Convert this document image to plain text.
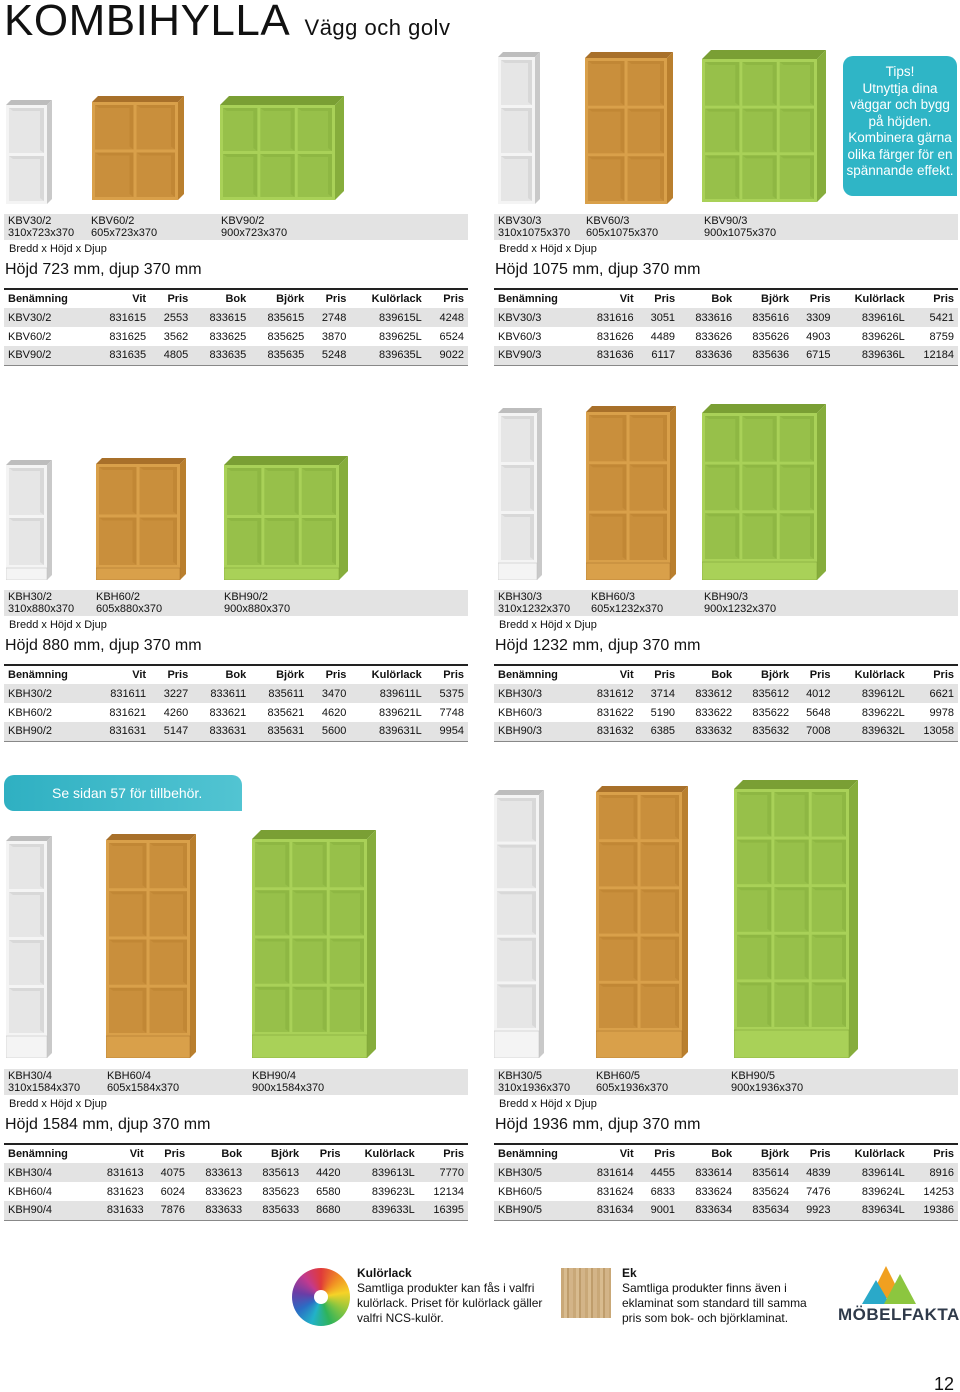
KOMBIHYLLA Vägg och golv
Tips!
Utnyttja dina
väggar och bygg
på höjden.
Kombinera gärna
olika färger för en
spännande effekt.
Se sidan 57 för tillbehör.
KBV30/2
310x723x370
KBV60/2
605x723x370
KBV90/2
900x723x370
Bredd x Höjd x Djup
Höjd 723 mm, djup 370 mm
Benämning	Vit	Pris	Bok	Björk	Pris	Kulörlack	Pris
KBV30/2	831615	2553	833615	835615	2748	839615L	4248
KBV60/2	831625	3562	833625	835625	3870	839625L	6524
KBV90/2	831635	4805	833635	835635	5248	839635L	9022
KBV30/3
310x1075x370
KBV60/3
605x1075x370
KBV90/3
900x1075x370
Bredd x Höjd x Djup
Höjd 1075 mm, djup 370 mm
Benämning	Vit	Pris	Bok	Björk	Pris	Kulörlack	Pris
KBV30/3	831616	3051	833616	835616	3309	839616L	5421
KBV60/3	831626	4489	833626	835626	4903	839626L	8759
KBV90/3	831636	6117	833636	835636	6715	839636L	12184
KBH30/2
310x880x370
KBH60/2
605x880x370
KBH90/2
900x880x370
Bredd x Höjd x Djup
Höjd 880 mm, djup 370 mm
Benämning	Vit	Pris	Bok	Björk	Pris	Kulörlack	Pris
KBH30/2	831611	3227	833611	835611	3470	839611L	5375
KBH60/2	831621	4260	833621	835621	4620	839621L	7748
KBH90/2	831631	5147	833631	835631	5600	839631L	9954
KBH30/3
310x1232x370
KBH60/3
605x1232x370
KBH90/3
900x1232x370
Bredd x Höjd x Djup
Höjd 1232 mm, djup 370 mm
Benämning	Vit	Pris	Bok	Björk	Pris	Kulörlack	Pris
KBH30/3	831612	3714	833612	835612	4012	839612L	6621
KBH60/3	831622	5190	833622	835622	5648	839622L	9978
KBH90/3	831632	6385	833632	835632	7008	839632L	13058
KBH30/4
310x1584x370
KBH60/4
605x1584x370
KBH90/4
900x1584x370
Bredd x Höjd x Djup
Höjd 1584 mm, djup 370 mm
Benämning	Vit	Pris	Bok	Björk	Pris	Kulörlack	Pris
KBH30/4	831613	4075	833613	835613	4420	839613L	7770
KBH60/4	831623	6024	833623	835623	6580	839623L	12134
KBH90/4	831633	7876	833633	835633	8680	839633L	16395
KBH30/5
310x1936x370
KBH60/5
605x1936x370
KBH90/5
900x1936x370
Bredd x Höjd x Djup
Höjd 1936 mm, djup 370 mm
Benämning	Vit	Pris	Bok	Björk	Pris	Kulörlack	Pris
KBH30/5	831614	4455	833614	835614	4839	839614L	8916
KBH60/5	831624	6833	833624	835624	7476	839624L	14253
KBH90/5	831634	9001	833634	835634	9923	839634L	19386
Kulörlack
Samtliga produkter kan fås i valfri
kulörlack. Priset för kulörlack gäller
valfri NCS-kulör.
Ek
Samtliga produkter finns även i
eklaminat som standard till samma
pris som bok- och björklaminat.	MÖBELFAKTA
12
